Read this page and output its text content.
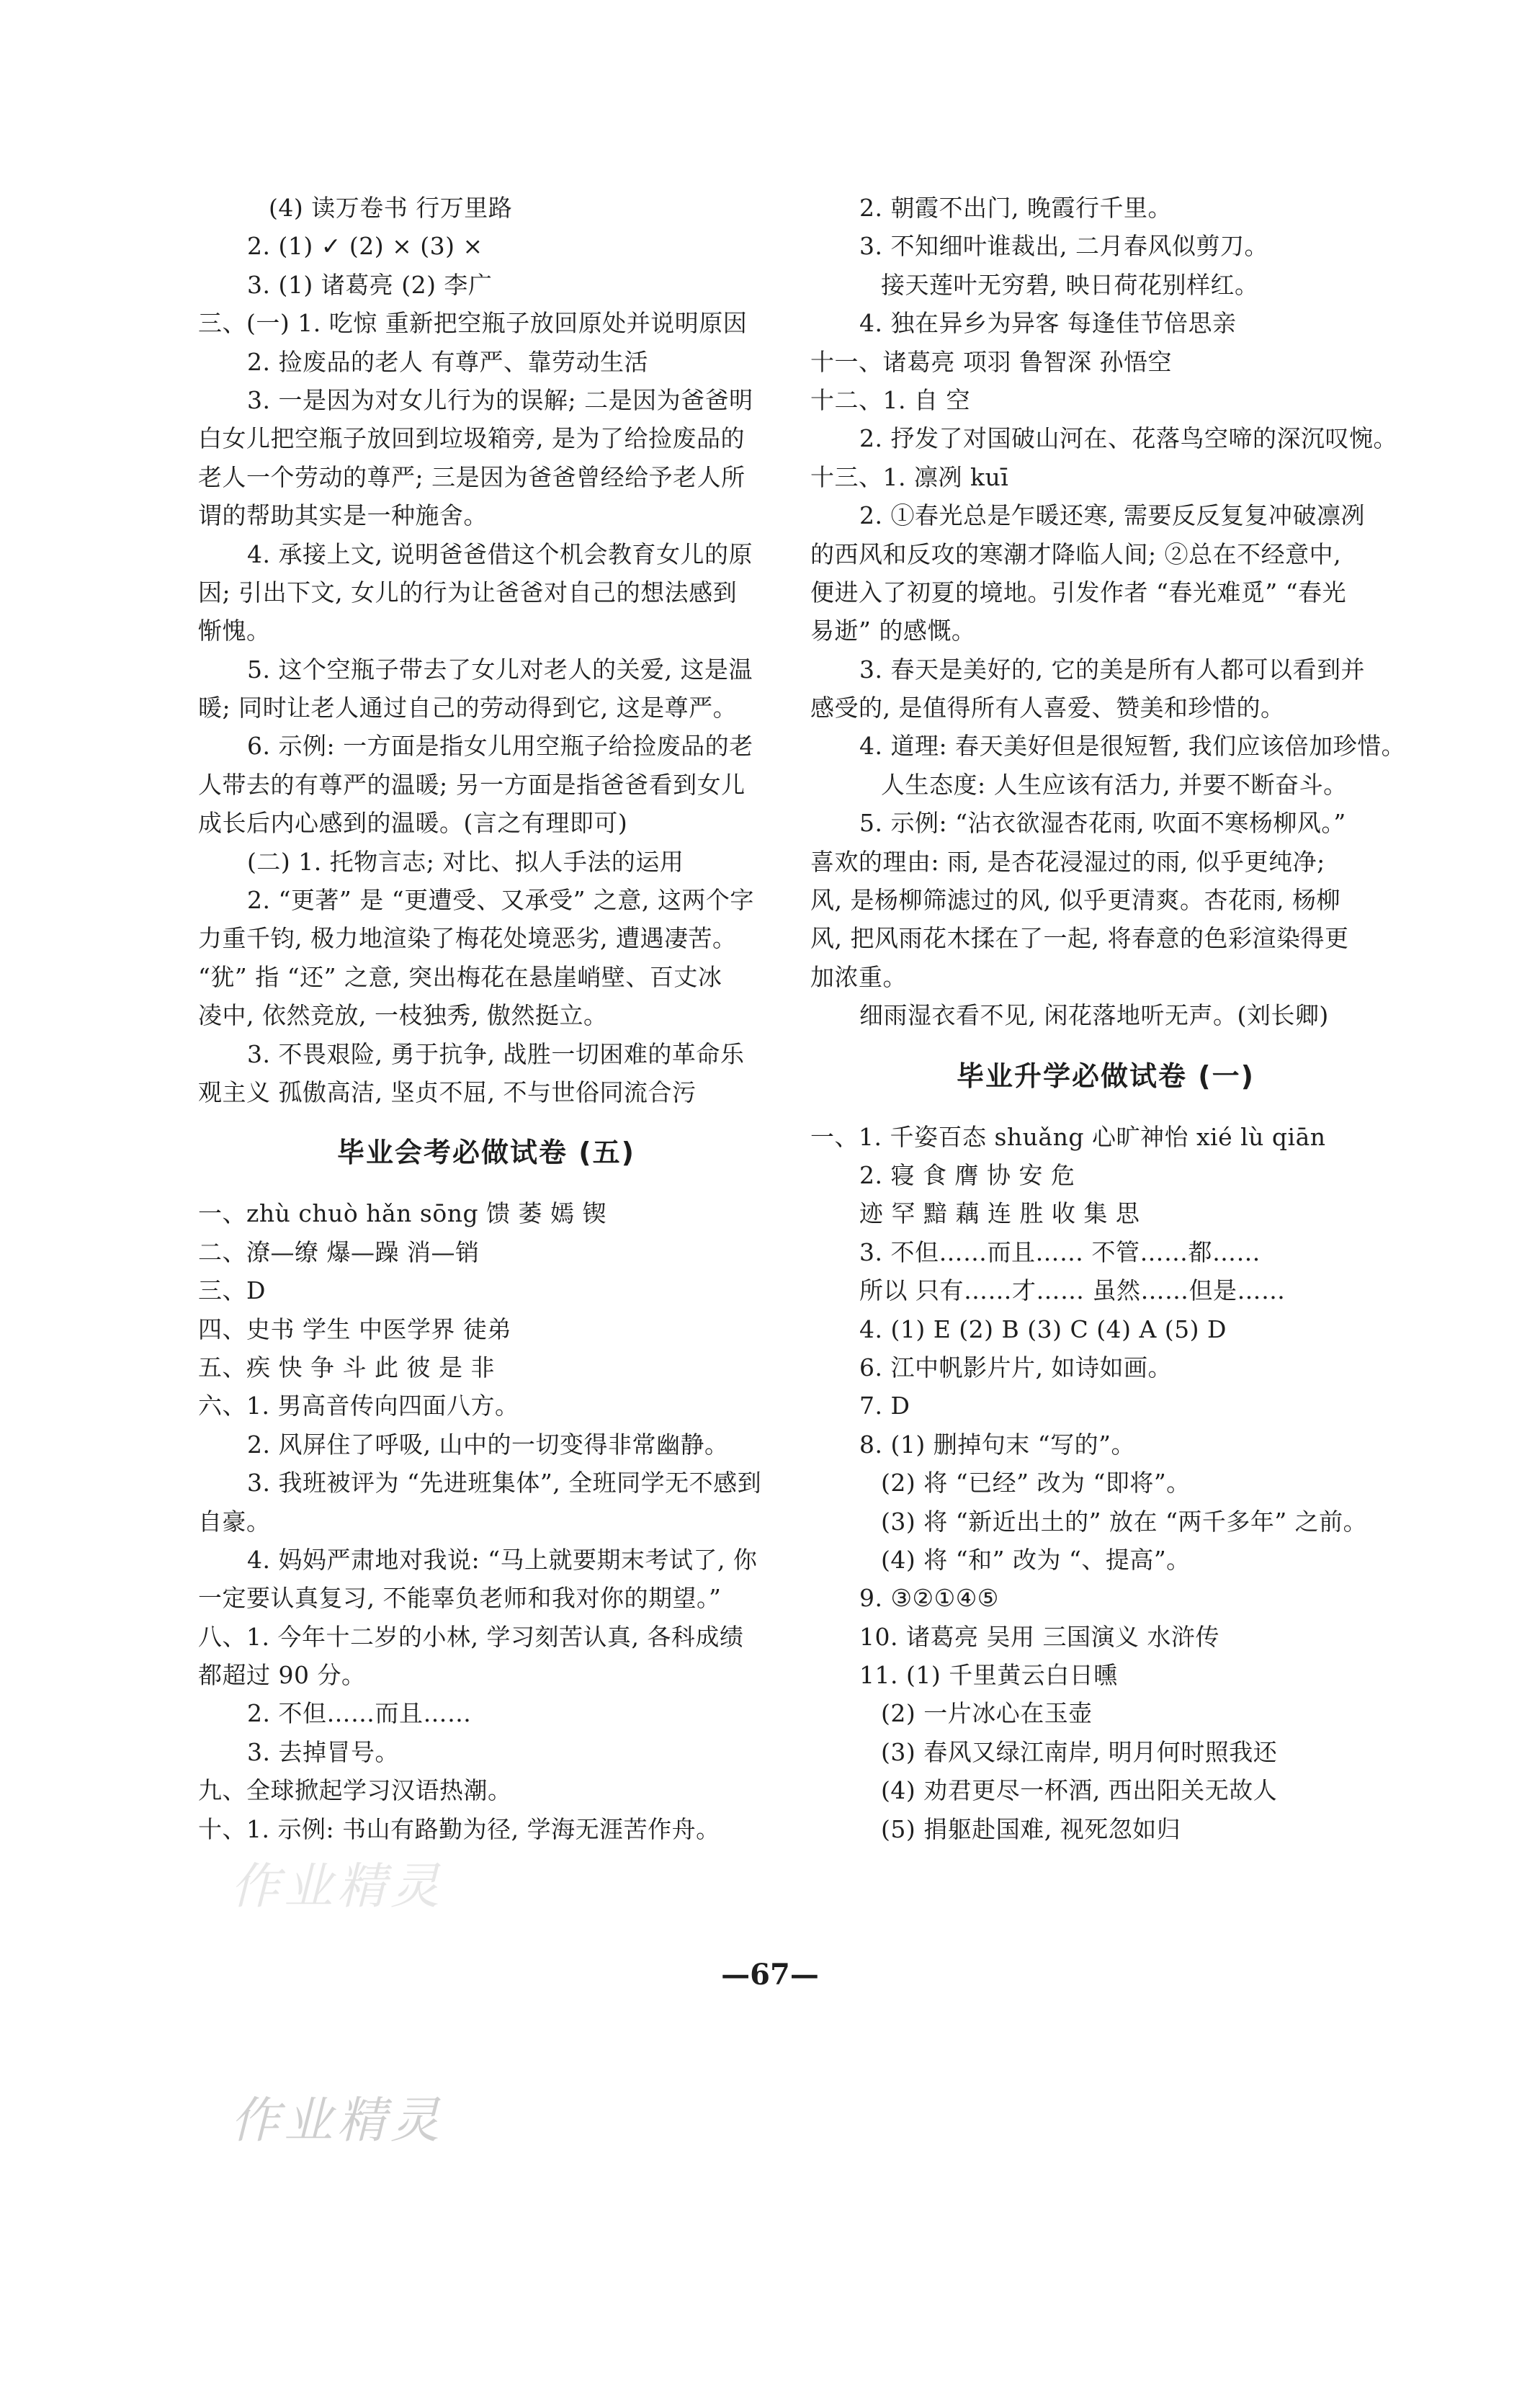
(4) 读万卷书 行万里路
2. (1) ✓ (2) × (3) ×
3. (1) 诸葛亮 (2) 李广
三、(一) 1. 吃惊 重新把空瓶子放回原处并说明原因
2. 捡废品的老人 有尊严、靠劳动生活
3. 一是因为对女儿行为的误解; 二是因为爸爸明
白女儿把空瓶子放回到垃圾箱旁, 是为了给捡废品的
老人一个劳动的尊严; 三是因为爸爸曾经给予老人所
谓的帮助其实是一种施舍。
4. 承接上文, 说明爸爸借这个机会教育女儿的原
因; 引出下文, 女儿的行为让爸爸对自己的想法感到
惭愧。
5. 这个空瓶子带去了女儿对老人的关爱, 这是温
暖; 同时让老人通过自己的劳动得到它, 这是尊严。
6. 示例: 一方面是指女儿用空瓶子给捡废品的老
人带去的有尊严的温暖; 另一方面是指爸爸看到女儿
成长后内心感到的温暖。(言之有理即可)
(二) 1. 托物言志; 对比、拟人手法的运用
2. “更著” 是 “更遭受、又承受” 之意, 这两个字
力重千钧, 极力地渲染了梅花处境恶劣, 遭遇凄苦。
“犹” 指 “还” 之意, 突出梅花在悬崖峭壁、百丈冰
凌中, 依然竞放, 一枝独秀, 傲然挺立。
3. 不畏艰险, 勇于抗争, 战胜一切困难的革命乐
观主义 孤傲高洁, 坚贞不屈, 不与世俗同流合污
毕业会考必做试卷 (五)
一、zhù chuò hǎn sōng 馈 萎 嫣 锲
二、潦—缭 爆—躁 消—销
三、D
四、史书 学生 中医学界 徒弟
五、疾 快 争 斗 此 彼 是 非
六、1. 男高音传向四面八方。
2. 风屏住了呼吸, 山中的一切变得非常幽静。
3. 我班被评为 “先进班集体”, 全班同学无不感到
自豪。
4. 妈妈严肃地对我说: “马上就要期末考试了, 你
一定要认真复习, 不能辜负老师和我对你的期望。”
八、1. 今年十二岁的小林, 学习刻苦认真, 各科成绩
都超过 90 分。
2. 不但……而且……
3. 去掉冒号。
九、全球掀起学习汉语热潮。
十、1. 示例: 书山有路勤为径, 学海无涯苦作舟。
2. 朝霞不出门, 晚霞行千里。
3. 不知细叶谁裁出, 二月春风似剪刀。
接天莲叶无穷碧, 映日荷花别样红。
4. 独在异乡为异客 每逢佳节倍思亲
十一、诸葛亮 项羽 鲁智深 孙悟空
十二、1. 自 空
2. 抒发了对国破山河在、花落鸟空啼的深沉叹惋。
十三、1. 凛冽 kuī
2. ①春光总是乍暖还寒, 需要反反复复冲破凛冽
的西风和反攻的寒潮才降临人间; ②总在不经意中,
便进入了初夏的境地。引发作者 “春光难觅” “春光
易逝” 的感慨。
3. 春天是美好的, 它的美是所有人都可以看到并
感受的, 是值得所有人喜爱、赞美和珍惜的。
4. 道理: 春天美好但是很短暂, 我们应该倍加珍惜。
人生态度: 人生应该有活力, 并要不断奋斗。
5. 示例: “沾衣欲湿杏花雨, 吹面不寒杨柳风。”
喜欢的理由: 雨, 是杏花浸湿过的雨, 似乎更纯净;
风, 是杨柳筛滤过的风, 似乎更清爽。杏花雨, 杨柳
风, 把风雨花木揉在了一起, 将春意的色彩渲染得更
加浓重。
细雨湿衣看不见, 闲花落地听无声。(刘长卿)
毕业升学必做试卷 (一)
一、1. 千姿百态 shuǎng 心旷神怡 xié lù qiān
2. 寝 食 膺 协 安 危
迹 罕 黯 藕 连 胜 收 集 思
3. 不但……而且…… 不管……都……
所以 只有……才…… 虽然……但是……
4. (1) E (2) B (3) C (4) A (5) D
6. 江中帆影片片, 如诗如画。
7. D
8. (1) 删掉句末 “写的”。
(2) 将 “已经” 改为 “即将”。
(3) 将 “新近出土的” 放在 “两千多年” 之前。
(4) 将 “和” 改为 “、提高”。
9. ③②①④⑤
10. 诸葛亮 吴用 三国演义 水浒传
11. (1) 千里黄云白日曛
(2) 一片冰心在玉壶
(3) 春风又绿江南岸, 明月何时照我还
(4) 劝君更尽一杯酒, 西出阳关无故人
(5) 捐躯赴国难, 视死忽如归
—67—
作业精灵
作业精灵
